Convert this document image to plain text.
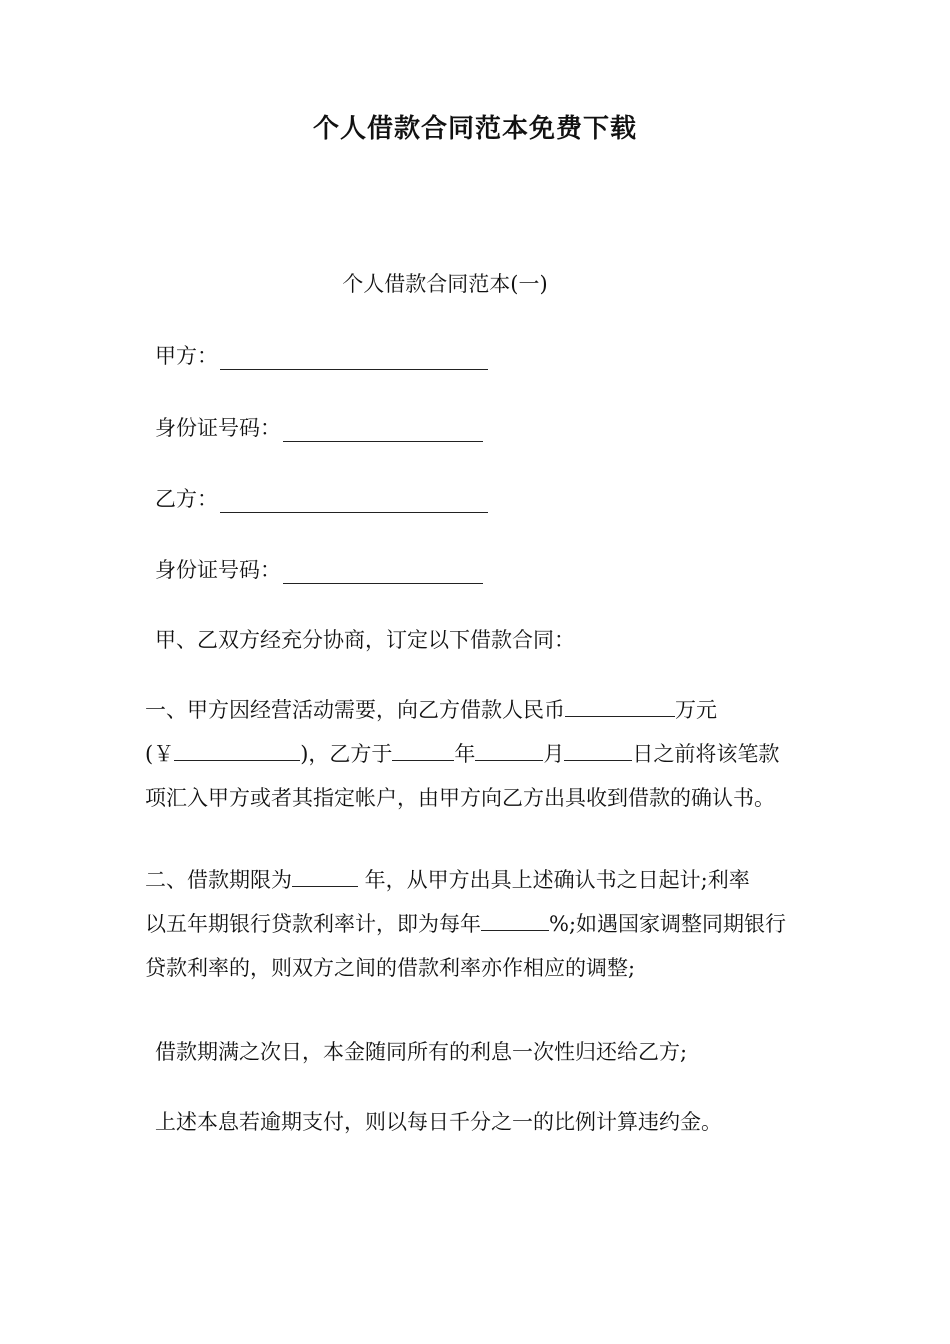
个人借款合同范本免费下载
个人借款合同范本(一)
甲方：
身份证号码：
乙方：
身份证号码：
甲、乙双方经充分协商，订定以下借款合同：
一、甲方因经营活动需要，向乙方借款人民币	万元
(￥	)，乙方于	年	月	日之前将该笔款
项汇入甲方或者其指定帐户，由甲方向乙方出具收到借款的确认书。
二、借款期限为	年，从甲方出具上述确认书之日起计;利率
以五年期银行贷款利率计，即为每年	%;如遇国家调整同期银行
贷款利率的，则双方之间的借款利率亦作相应的调整;
借款期满之次日，本金随同所有的利息一次性归还给乙方;
上述本息若逾期支付，则以每日千分之一的比例计算违约金。
